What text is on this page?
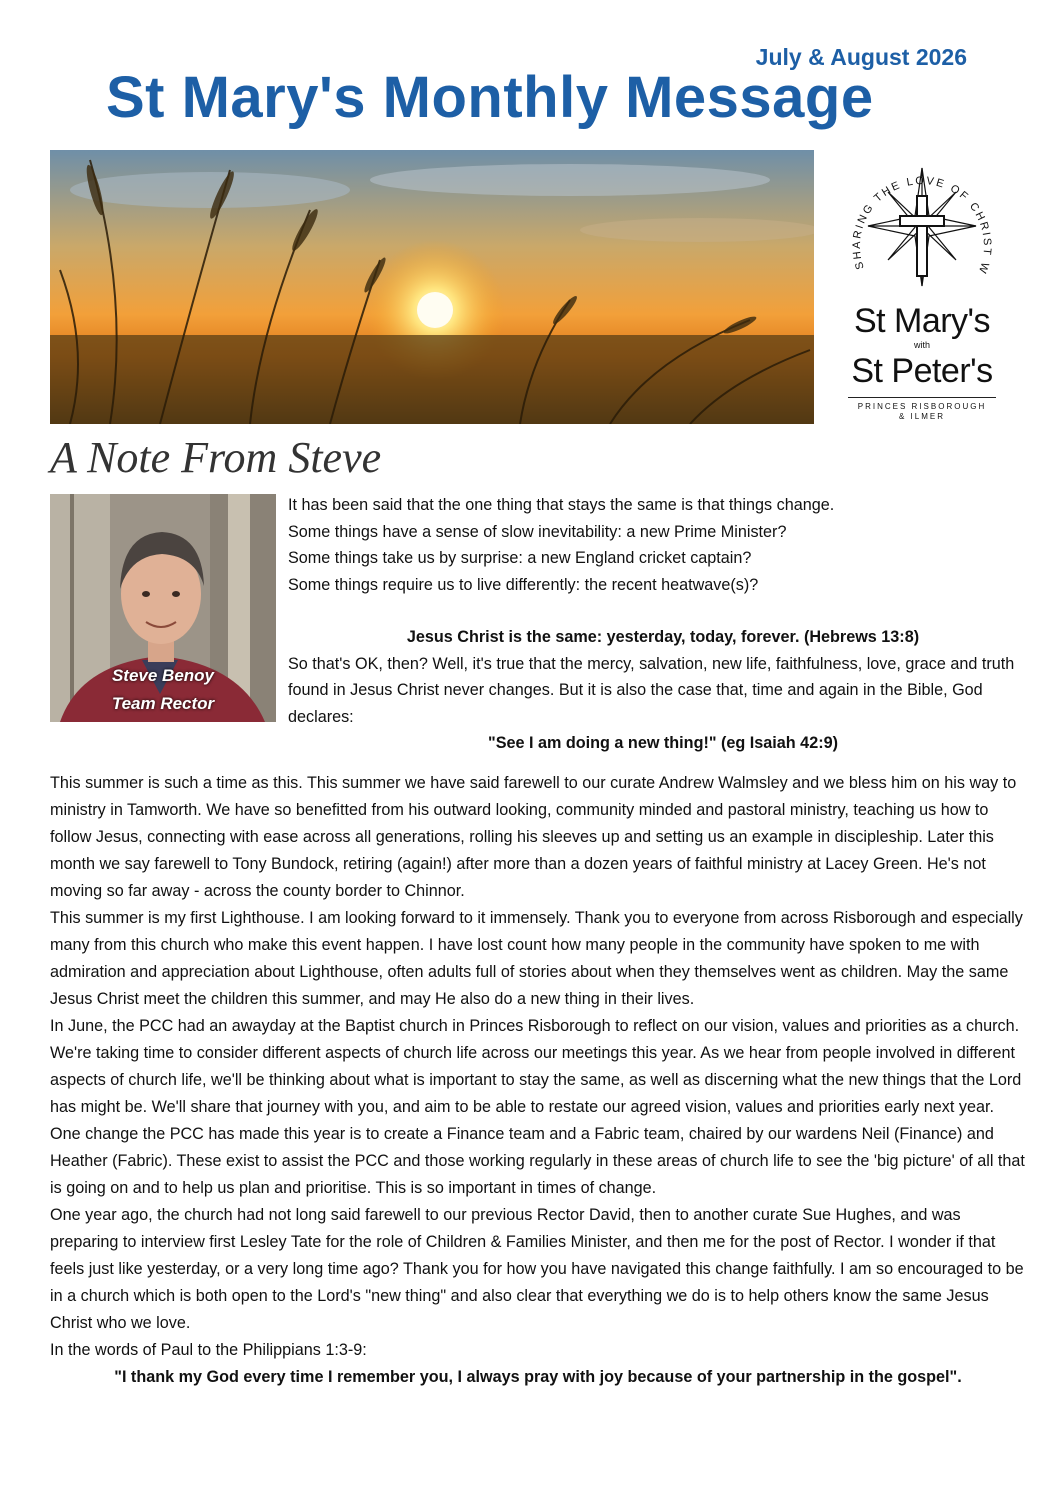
July & August 2026
St Mary's Monthly Message
SHARING THE LOVE OF CHRIST W
St Mary's
with
St Peter's
PRINCES RISBOROUGH
& ILMER
A Note From Steve
Steve Benoy
Team Rector

It has been said that the one thing that stays the same is that things change.

Some things have a sense of slow inevitability: a new Prime Minister?

Some things take us by surprise: a new England cricket captain?

Some things require us to live differently: the recent heatwave(s)?

Jesus Christ is the same: yesterday, today, forever. (Hebrews 13:8)

So that's OK, then? Well, it's true that the mercy, salvation, new life, faithfulness, love, grace and truth found in Jesus Christ never changes. But it is also the case that, time and again in the Bible, God declares:

"See I am doing a new thing!" (eg Isaiah 42:9)

This summer is such a time as this. This summer we have said farewell to our curate Andrew Walmsley and we bless him on his way to ministry in Tamworth. We have so benefitted from his outward looking, community minded and pastoral ministry, teaching us how to follow Jesus, connecting with ease across all generations, rolling his sleeves up and setting us an example in discipleship. Later this month we say farewell to Tony Bundock, retiring (again!) after more than a dozen years of faithful ministry at Lacey Green. He's not moving so far away - across the county border to Chinnor.

This summer is my first Lighthouse. I am looking forward to it immensely. Thank you to everyone from across Risborough and especially many from this church who make this event happen. I have lost count how many people in the community have spoken to me with admiration and appreciation about Lighthouse, often adults full of stories about when they themselves went as children. May the same Jesus Christ meet the children this summer, and may He also do a new thing in their lives.

In June, the PCC had an awayday at the Baptist church in Princes Risborough to reflect on our vision, values and priorities as a church. We're taking time to consider different aspects of church life across our meetings this year. As we hear from people involved in different aspects of church life, we'll be thinking about what is important to stay the same, as well as discerning what the new things that the Lord has might be. We'll share that journey with you, and aim to be able to restate our agreed vision, values and priorities early next year.

One change the PCC has made this year is to create a Finance team and a Fabric team, chaired by our wardens Neil (Finance) and Heather (Fabric). These exist to assist the PCC and those working regularly in these areas of church life to see the 'big picture' of all that is going on and to help us plan and prioritise. This is so important in times of change.

One year ago, the church had not long said farewell to our previous Rector David, then to another curate Sue Hughes, and was preparing to interview first Lesley Tate for the role of Children & Families Minister, and then me for the post of Rector. I wonder if that feels just like yesterday, or a very long time ago? Thank you for how you have navigated this change faithfully. I am so encouraged to be in a church which is both open to the Lord's "new thing" and also clear that everything we do is to help others know the same Jesus Christ who we love.

In the words of Paul to the Philippians 1:3-9:

"I thank my God every time I remember you, I always pray with joy because of your partnership in the gospel".
